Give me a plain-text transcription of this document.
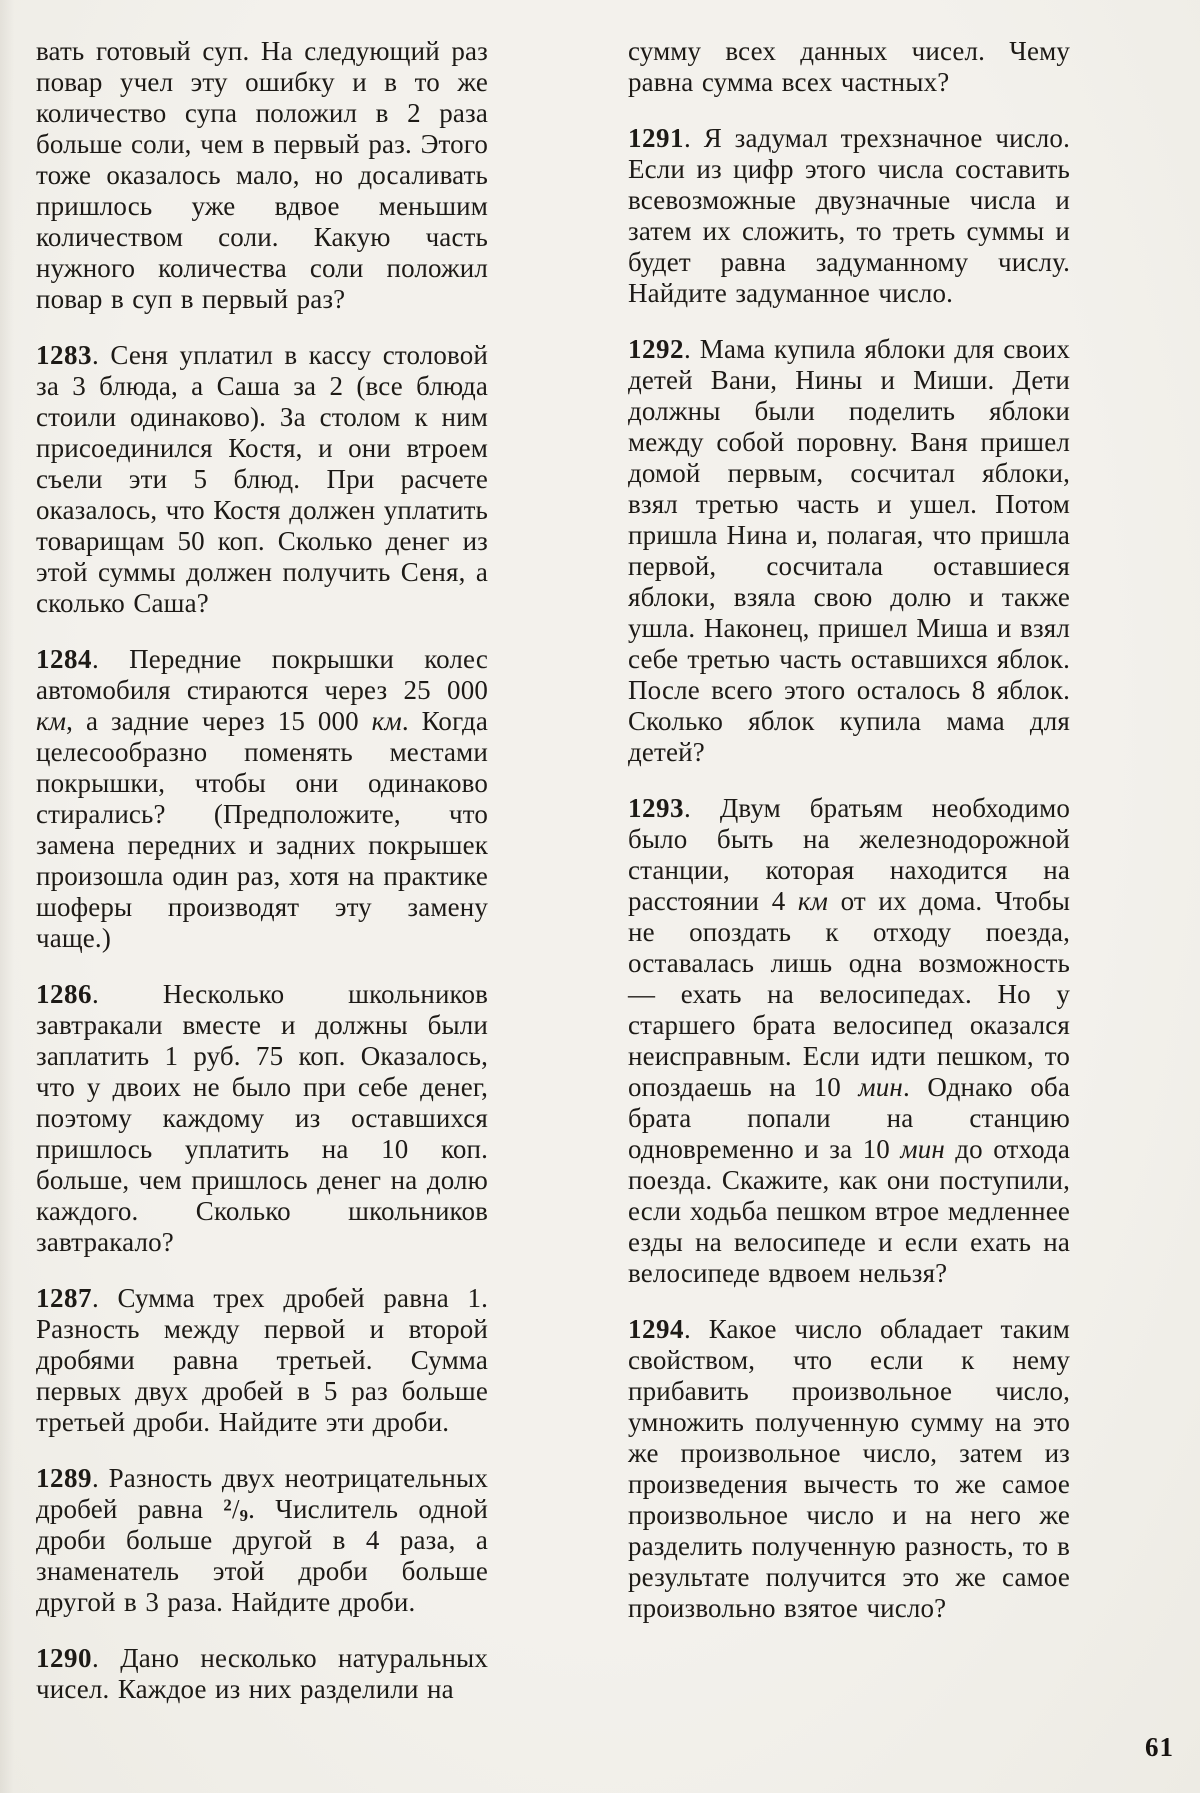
вать готовый суп. На следующий раз повар учел эту ошибку и в то же количество супа положил в 2 раза больше соли, чем в первый раз. Этого тоже оказалось мало, но досаливать пришлось уже вдвое меньшим количеством соли. Какую часть нужного количества соли положил повар в суп в первый раз?

1283. Сеня уплатил в кассу столовой за 3 блюда, а Саша за 2 (все блюда стоили одинаково). За столом к ним присоединился Костя, и они втроем съели эти 5 блюд. При расчете оказалось, что Костя должен уплатить товарищам 50 коп. Сколько денег из этой суммы должен получить Сеня, а сколько Саша?

1284. Передние покрышки колес автомобиля стираются через 25 000 км, а задние через 15 000 км. Когда целесообразно поменять местами покрышки, чтобы они одинаково стирались? (Предположите, что замена передних и задних покрышек произошла один раз, хотя на практике шоферы производят эту замену чаще.)

1286. Несколько школьников завтракали вместе и должны были заплатить 1 руб. 75 коп. Оказалось, что у двоих не было при себе денег, поэтому каждому из оставшихся пришлось уплатить на 10 коп. больше, чем пришлось денег на долю каждого. Сколько школьников завтракало?

1287. Сумма трех дробей равна 1. Разность между первой и второй дробями равна третьей. Сумма первых двух дробей в 5 раз больше третьей дроби. Найдите эти дроби.

1289. Разность двух неотрицательных дробей равна $^2/_9$. Числитель одной дроби больше другой в 4 раза, а знаменатель этой дроби больше другой в 3 раза. Найдите дроби.

1290. Дано несколько натуральных чисел. Каждое из них разделили на

сумму всех данных чисел. Чему равна сумма всех частных?

1291. Я задумал трехзначное число. Если из цифр этого числа составить всевозможные двузначные числа и затем их сложить, то треть суммы и будет равна задуманному числу. Найдите задуманное число.

1292. Мама купила яблоки для своих детей Вани, Нины и Миши. Дети должны были поделить яблоки между собой поровну. Ваня пришел домой первым, сосчитал яблоки, взял третью часть и ушел. Потом пришла Нина и, полагая, что пришла первой, сосчитала оставшиеся яблоки, взяла свою долю и также ушла. Наконец, пришел Миша и взял себе третью часть оставшихся яблок. После всего этого осталось 8 яблок. Сколько яблок купила мама для детей?

1293. Двум братьям необходимо было быть на железнодорожной станции, которая находится на расстоянии 4 км от их дома. Чтобы не опоздать к отходу поезда, оставалась лишь одна возможность — ехать на велосипедах. Но у старшего брата велосипед оказался неисправным. Если идти пешком, то опоздаешь на 10 мин. Однако оба брата попали на станцию одновременно и за 10 мин до отхода поезда. Скажите, как они поступили, если ходьба пешком втрое медленнее езды на велосипеде и если ехать на велосипеде вдвоем нельзя?

1294. Какое число обладает таким свойством, что если к нему прибавить произвольное число, умножить полученную сумму на это же произвольное число, затем из произведения вычесть то же самое произвольное число и на него же разделить полученную разность, то в результате получится это же самое произвольно взятое число?

61
